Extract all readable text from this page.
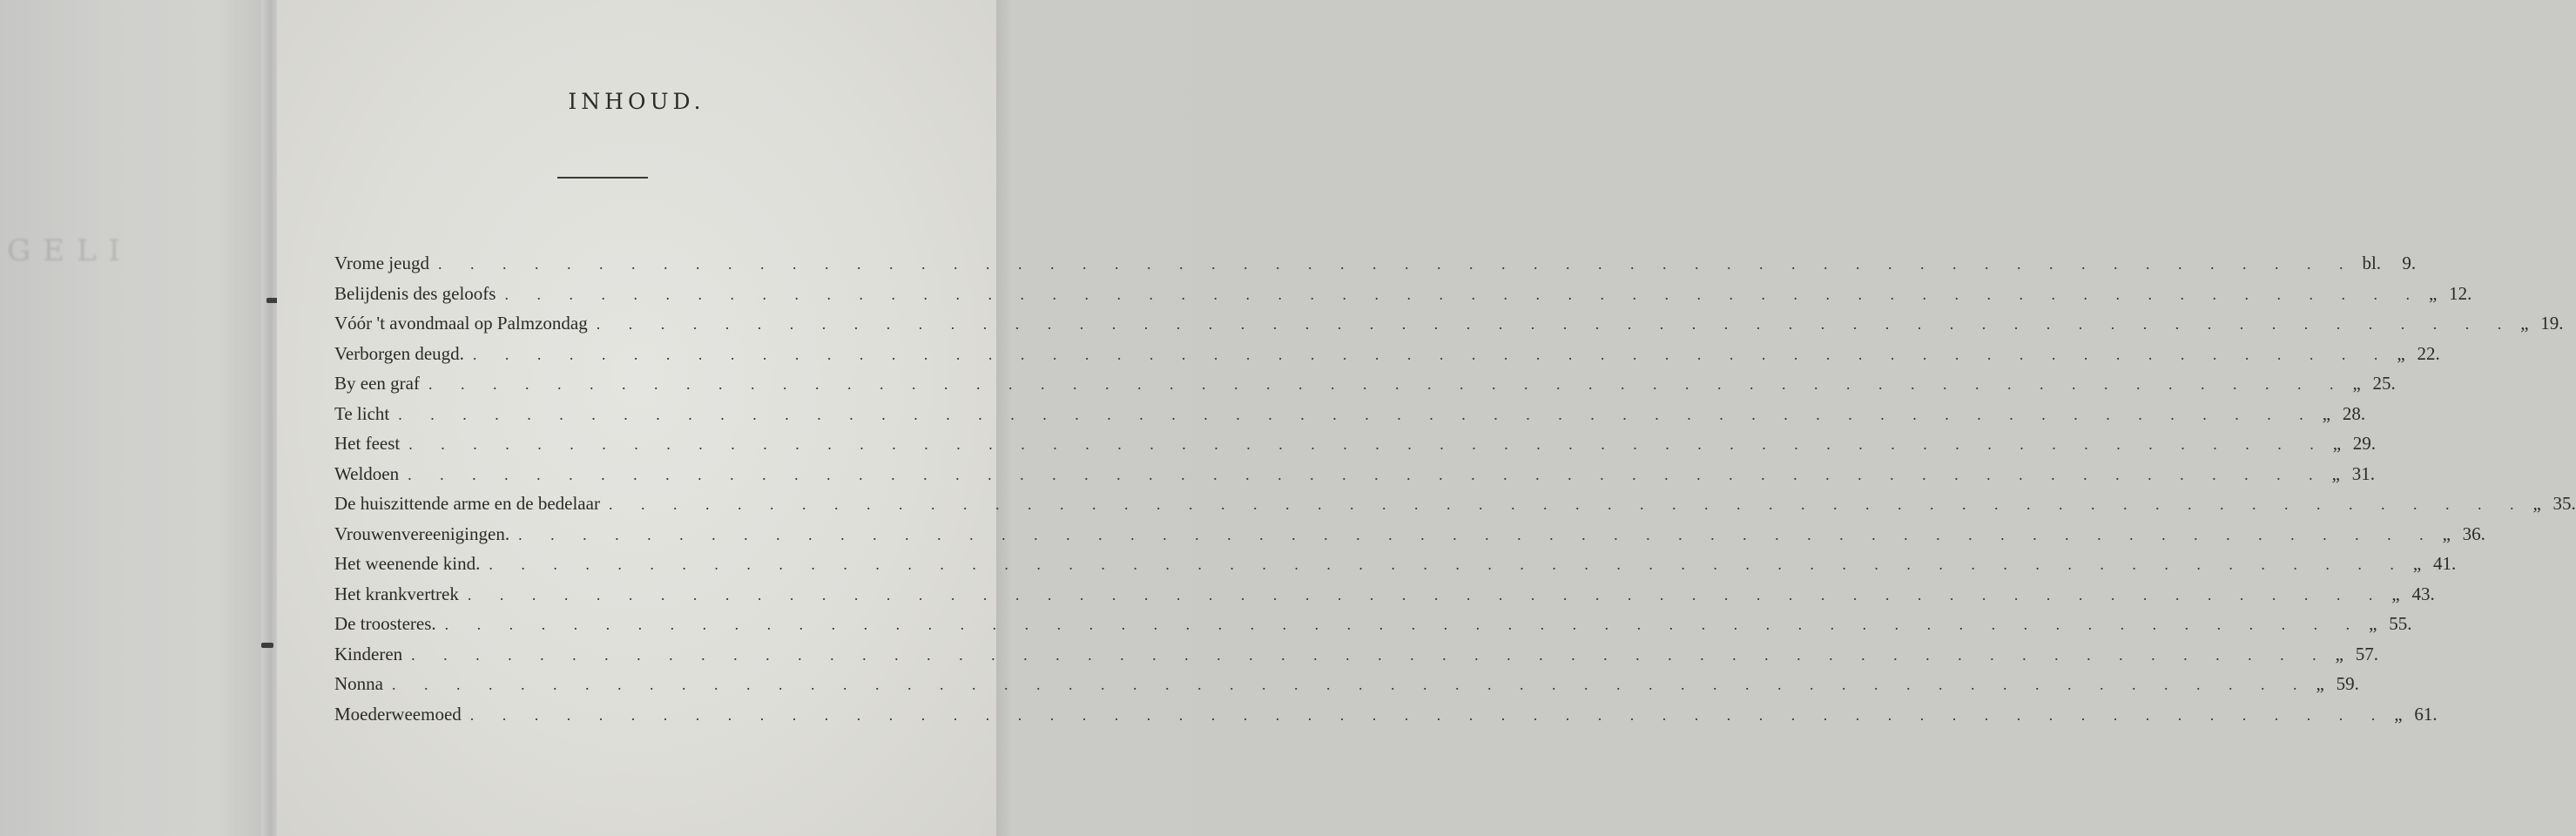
GELI
INHOUD.
Vrome jeugd . . . . . . . . . . . . . . . . . . . . . . . . . . . . . . . . . . . . . . . . . . . . . . . . . . . . . . . . . . . . bl.	9.
Belijdenis des geloofs . . . . . . . . . . . . . . . . . . . . . . . . . . . . . . . . . . . . . . . . . . . . . . . . . . . . . . . . . . . . „ 12.
Vóór 't avondmaal op Palmzondag . . . . . . . . . . . . . . . . . . . . . . . . . . . . . . . . . . . . . . . . . . . . . . . . . . . . . . . . . . . . „ 19.
Verborgen deugd. . . . . . . . . . . . . . . . . . . . . . . . . . . . . . . . . . . . . . . . . . . . . . . . . . . . . . . . . . . . . „ 22.
By een graf . . . . . . . . . . . . . . . . . . . . . . . . . . . . . . . . . . . . . . . . . . . . . . . . . . . . . . . . . . . . „ 25.
Te licht . . . . . . . . . . . . . . . . . . . . . . . . . . . . . . . . . . . . . . . . . . . . . . . . . . . . . . . . . . . . „ 28.
Het feest . . . . . . . . . . . . . . . . . . . . . . . . . . . . . . . . . . . . . . . . . . . . . . . . . . . . . . . . . . . . „ 29.
Weldoen . . . . . . . . . . . . . . . . . . . . . . . . . . . . . . . . . . . . . . . . . . . . . . . . . . . . . . . . . . . . „ 31.
De huiszittende arme en de bedelaar . . . . . . . . . . . . . . . . . . . . . . . . . . . . . . . . . . . . . . . . . . . . . . . . . . . . . . . . . . . . „ 35.
Vrouwenvereenigingen. . . . . . . . . . . . . . . . . . . . . . . . . . . . . . . . . . . . . . . . . . . . . . . . . . . . . . . . . . . . . „ 36.
Het weenende kind. . . . . . . . . . . . . . . . . . . . . . . . . . . . . . . . . . . . . . . . . . . . . . . . . . . . . . . . . . . . . „ 41.
Het krankvertrek . . . . . . . . . . . . . . . . . . . . . . . . . . . . . . . . . . . . . . . . . . . . . . . . . . . . . . . . . . . . „ 43.
De troosteres. . . . . . . . . . . . . . . . . . . . . . . . . . . . . . . . . . . . . . . . . . . . . . . . . . . . . . . . . . . . . „ 55.
Kinderen . . . . . . . . . . . . . . . . . . . . . . . . . . . . . . . . . . . . . . . . . . . . . . . . . . . . . . . . . . . . „ 57.
Nonna . . . . . . . . . . . . . . . . . . . . . . . . . . . . . . . . . . . . . . . . . . . . . . . . . . . . . . . . . . . . „ 59.
Moederweemoed . . . . . . . . . . . . . . . . . . . . . . . . . . . . . . . . . . . . . . . . . . . . . . . . . . . . . . . . . . . . „ 61.
